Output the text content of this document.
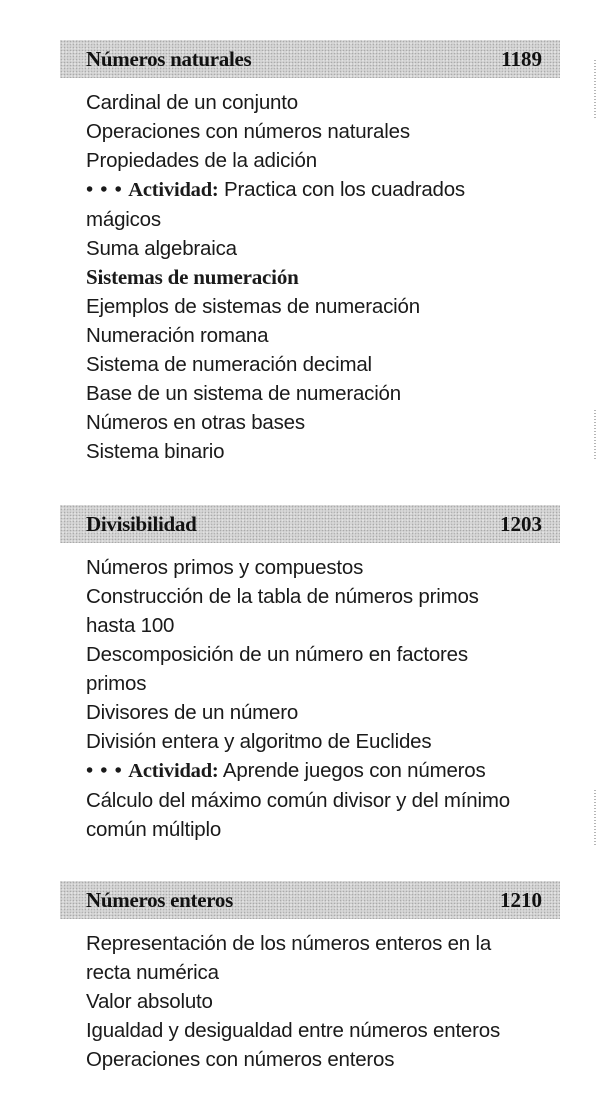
Números naturales	1189
Cardinal de un conjunto
Operaciones con números naturales
Propiedades de la adición
• • • Actividad: Practica con los cuadrados
mágicos
Suma algebraica
Sistemas de numeración
Ejemplos de sistemas de numeración
Numeración romana
Sistema de numeración decimal
Base de un sistema de numeración
Números en otras bases
Sistema binario
Divisibilidad	1203
Números primos y compuestos
Construcción de la tabla de números primos
hasta 100
Descomposición de un número en factores
primos
Divisores de un número
División entera y algoritmo de Euclides
• • • Actividad: Aprende juegos con números
Cálculo del máximo común divisor y del mínimo
común múltiplo
Números enteros	1210
Representación de los números enteros en la
recta numérica
Valor absoluto
Igualdad y desigualdad entre números enteros
Operaciones con números enteros
